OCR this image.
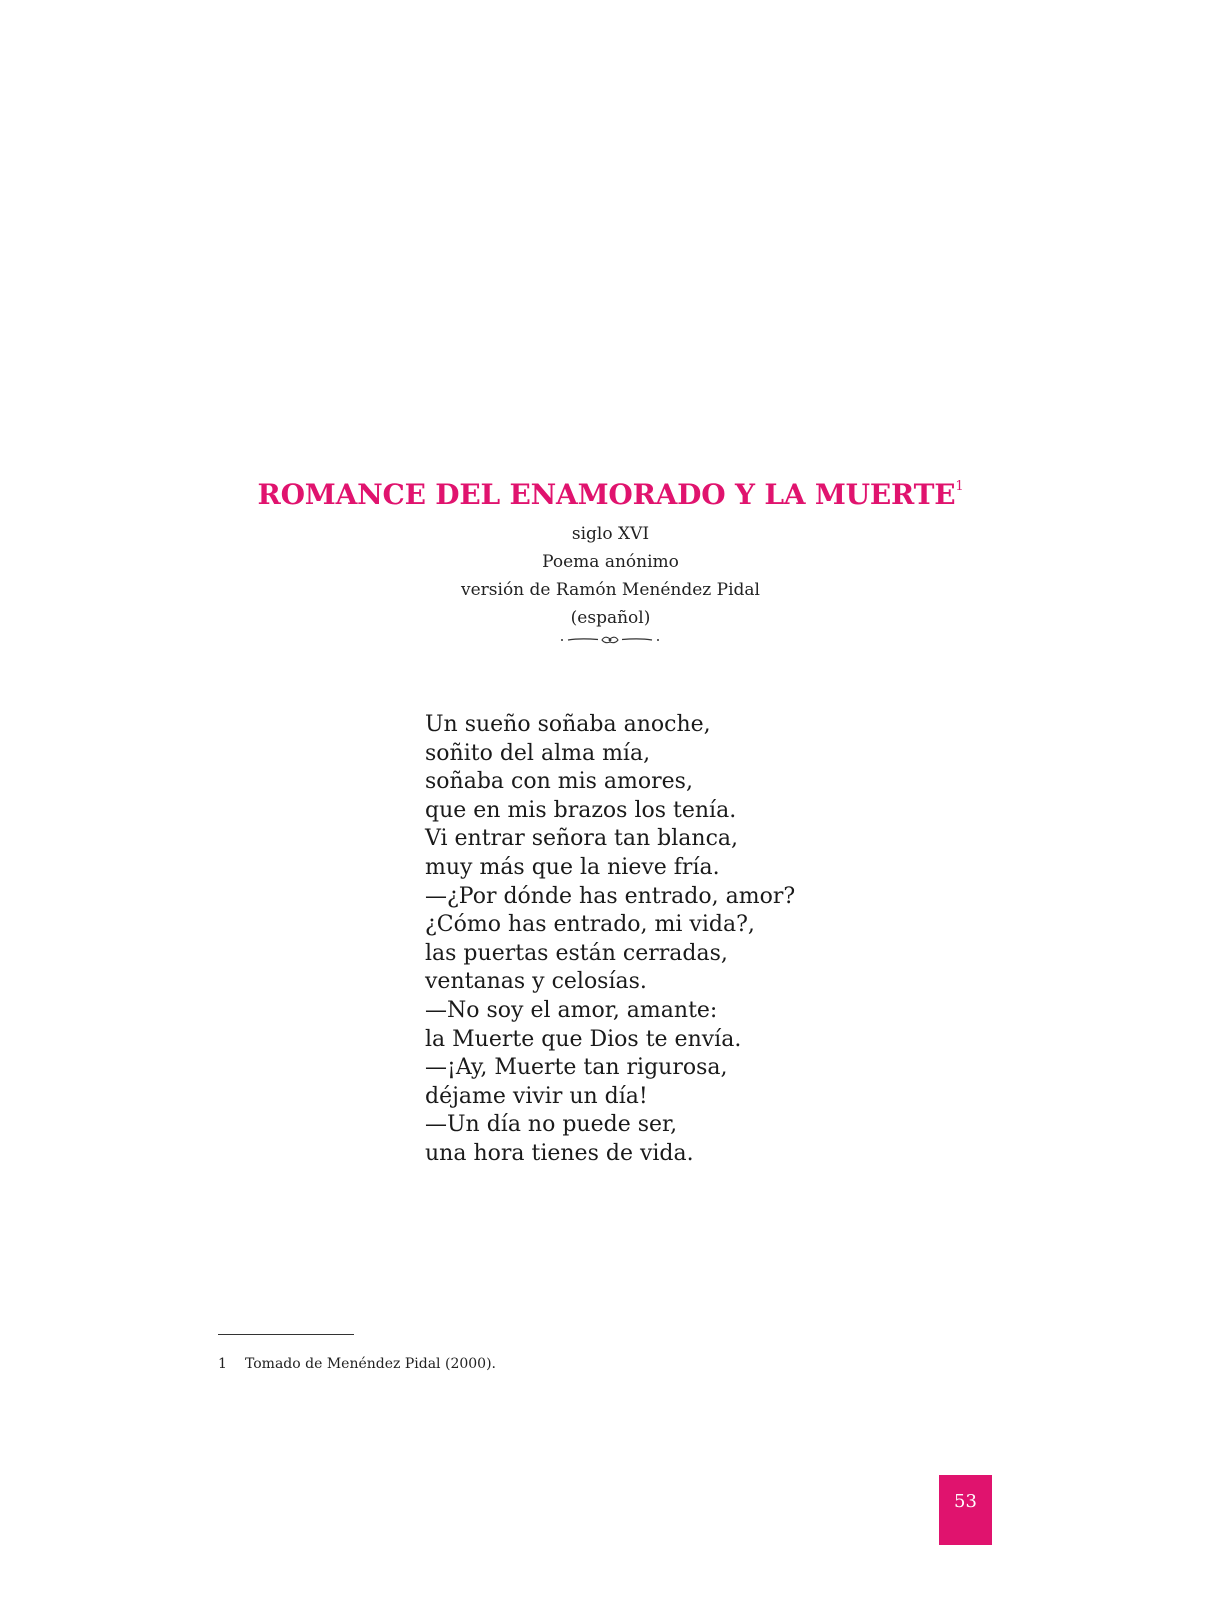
ROMANCE DEL ENAMORADO Y LA MUERTE$^1$
siglo XVI
Poema anónimo
versión de Ramón Menéndez Pidal
(español)
Un sueño soñaba anoche,
soñito del alma mía,
soñaba con mis amores,
que en mis brazos los tenía.
Vi entrar señora tan blanca,
muy más que la nieve fría.
—¿Por dónde has entrado, amor?
¿Cómo has entrado, mi vida?,
las puertas están cerradas,
ventanas y celosías.
—No soy el amor, amante:
la Muerte que Dios te envía.
—¡Ay, Muerte tan rigurosa,
déjame vivir un día!
—Un día no puede ser,
una hora tienes de vida.
1 Tomado de Menéndez Pidal (2000).
53
